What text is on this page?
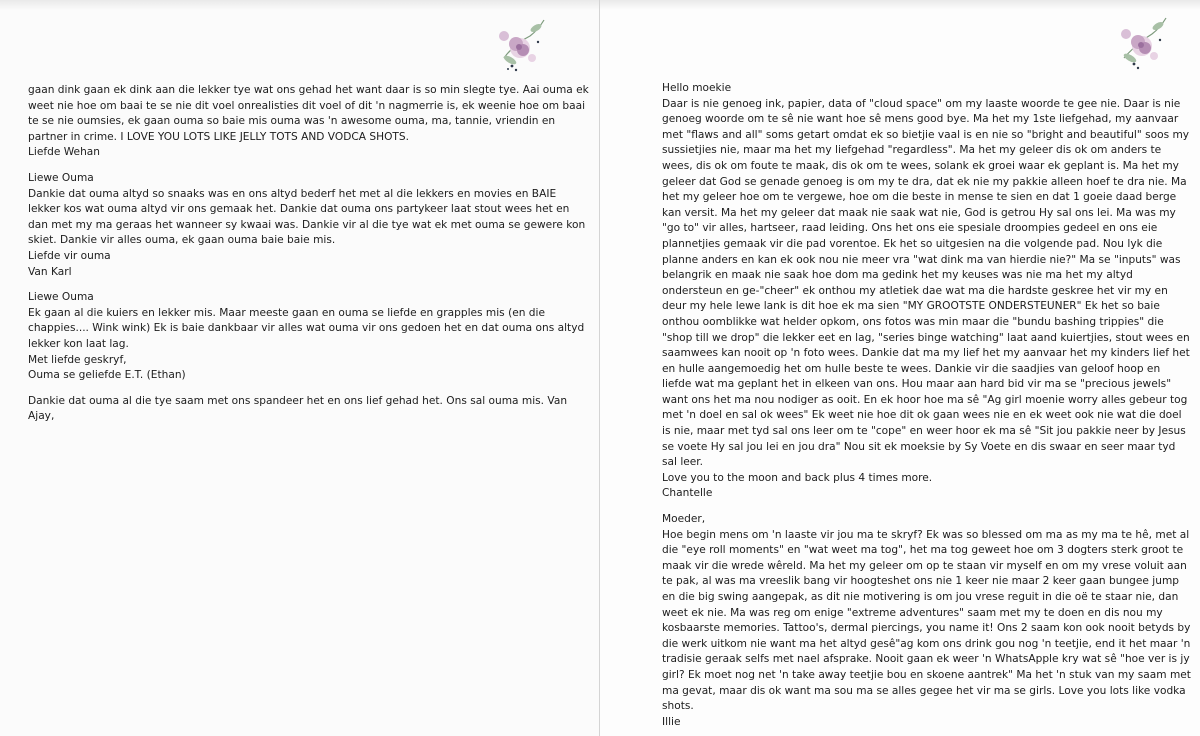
gaan dink gaan ek dink aan die lekker tye wat ons gehad het want daar is so min slegte tye. Aai ouma ek weet nie hoe om baai te se nie dit voel onrealisties dit voel of dit 'n nagmerrie is, ek weenie hoe om baai te se nie oumsies, ek gaan ouma so baie mis ouma was 'n awesome ouma, ma, tannie, vriendin en partner in crime. I LOVE YOU LOTS LIKE JELLY TOTS AND VODCA SHOTS.
Liefde Wehan

Liewe Ouma
Dankie dat ouma altyd so snaaks was en ons altyd bederf het met al die lekkers en movies en BAIE lekker kos wat ouma altyd vir ons gemaak het. Dankie dat ouma ons partykeer laat stout wees het en dan met my ma geraas het wanneer sy kwaai was. Dankie vir al die tye wat ek met ouma se gewere kon skiet. Dankie vir alles ouma, ek gaan ouma baie baie mis.
Liefde vir ouma
Van Karl

Liewe Ouma
Ek gaan al die kuiers en lekker mis. Maar meeste gaan en ouma se liefde en grapples mis (en die chappies.... Wink wink) Ek is baie dankbaar vir alles wat ouma vir ons gedoen het en dat ouma ons altyd lekker kon laat lag.
Met liefde geskryf,
Ouma se geliefde E.T. (Ethan)

Dankie dat ouma al die tye saam met ons spandeer het en ons lief gehad het. Ons sal ouma mis. Van Ajay,

Hello moekie
Daar is nie genoeg ink, papier, data of "cloud space" om my laaste woorde te gee nie. Daar is nie genoeg woorde om te sê nie want hoe sê mens good bye. Ma het my 1ste liefgehad, my aanvaar met "flaws and all" soms getart omdat ek so bietjie vaal is en nie so "bright and beautiful" soos my sussietjies nie, maar ma het my liefgehad "regardless". Ma het my geleer dis ok om anders te wees, dis ok om foute te maak, dis ok om te wees, solank ek groei waar ek geplant is. Ma het my geleer dat God se genade genoeg is om my te dra, dat ek nie my pakkie alleen hoef te dra nie. Ma het my geleer hoe om te vergewe, hoe om die beste in mense te sien en dat 1 goeie daad berge kan versit. Ma het my geleer dat maak nie saak wat nie, God is getrou Hy sal ons lei. Ma was my "go to" vir alles, hartseer, raad leiding. Ons het ons eie spesiale droompies gedeel en ons eie plannetjies gemaak vir die pad vorentoe. Ek het so uitgesien na die volgende pad. Nou lyk die planne anders en kan ek ook nou nie meer vra "wat dink ma van hierdie nie?" Ma se "inputs" was belangrik en maak nie saak hoe dom ma gedink het my keuses was nie ma het my altyd ondersteun en ge-"cheer" ek onthou my atletiek dae wat ma die hardste geskree het vir my en deur my hele lewe lank is dit hoe ek ma sien "MY GROOTSTE ONDERSTEUNER" Ek het so baie onthou oomblikke wat helder opkom, ons fotos was min maar die "bundu bashing trippies" die "shop till we drop" die lekker eet en lag, "series binge watching" laat aand kuiertjies, stout wees en saamwees kan nooit op 'n foto wees. Dankie dat ma my lief het my aanvaar het my kinders lief het en hulle aangemoedig het om hulle beste te wees. Dankie vir die saadjies van geloof hoop en liefde wat ma geplant het in elkeen van ons. Hou maar aan hard bid vir ma se "precious jewels" want ons het ma nou nodiger as ooit. En ek hoor hoe ma sê "Ag girl moenie worry alles gebeur tog met 'n doel en sal ok wees" Ek weet nie hoe dit ok gaan wees nie en ek weet ook nie wat die doel is nie, maar met tyd sal ons leer om te "cope" en weer hoor ek ma sê "Sit jou pakkie neer by Jesus se voete Hy sal jou lei en jou dra" Nou sit ek moeksie by Sy Voete en dis swaar en seer maar tyd sal leer.
Love you to the moon and back plus 4 times more.
Chantelle

Moeder,
Hoe begin mens om 'n laaste vir jou ma te skryf? Ek was so blessed om ma as my ma te hê, met al die "eye roll moments" en "wat weet ma tog", het ma tog geweet hoe om 3 dogters sterk groot te maak vir die wrede wêreld. Ma het my geleer om op te staan vir myself en om my vrese voluit aan te pak, al was ma vreeslik bang vir hoogteshet ons nie 1 keer nie maar 2 keer gaan bungee jump en die big swing aangepak, as dit nie motivering is om jou vrese reguit in die oë te staar nie, dan weet ek nie. Ma was reg om enige "extreme adventures" saam met my te doen en dis nou my kosbaarste memories. Tattoo's, dermal piercings, you name it! Ons 2 saam kon ook nooit betyds by die werk uitkom nie want ma het altyd gesê"ag kom ons drink gou nog 'n teetjie, end it het maar 'n tradisie geraak selfs met nael afsprake. Nooit gaan ek weer 'n WhatsApple kry wat sê "hoe ver is jy girl? Ek moet nog net 'n take away teetjie bou en skoene aantrek" Ma het 'n stuk van my saam met ma gevat, maar dis ok want ma sou ma se alles gegee het vir ma se girls. Love you lots like vodka shots.
Illie
